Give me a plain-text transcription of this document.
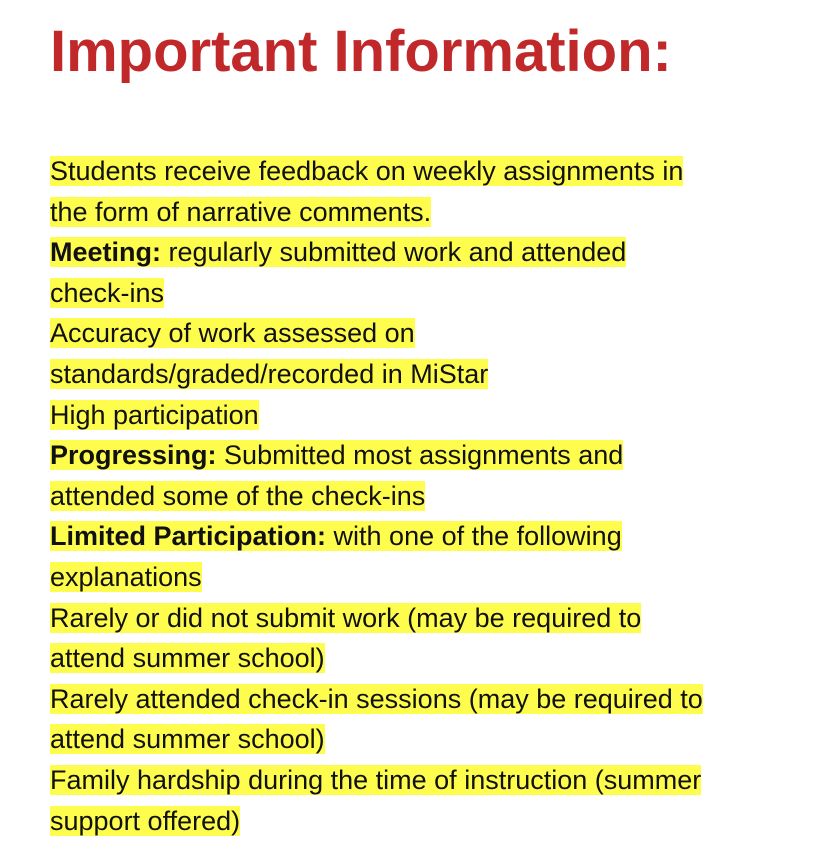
Important Information:
Students receive feedback on weekly assignments in
the form of narrative comments.
Meeting: regularly submitted work and attended
check-ins
Accuracy of work assessed on
standards/graded/recorded in MiStar
High participation
Progressing: Submitted most assignments and
attended some of the check-ins
Limited Participation: with one of the following
explanations
Rarely or did not submit work (may be required to
attend summer school)
Rarely attended check-in sessions (may be required to
attend summer school)
Family hardship during the time of instruction (summer
support offered)
